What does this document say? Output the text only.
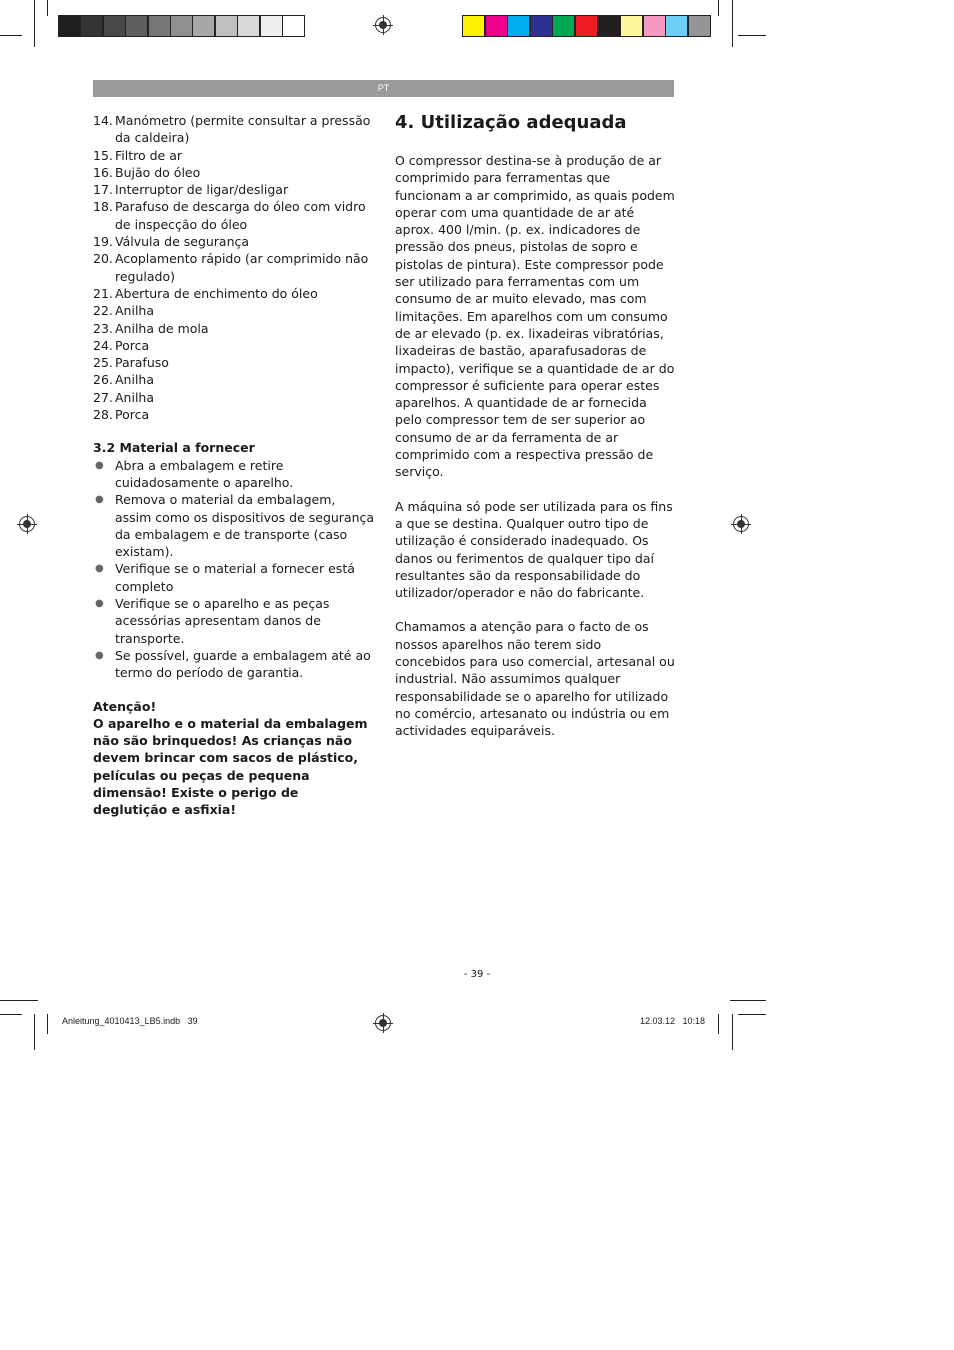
PT
14. Manómetro (permite consultar a pressão da caldeira)
15. Filtro de ar
16. Bujão do óleo
17. Interruptor de ligar/desligar
18. Parafuso de descarga do óleo com vidro de inspecção do óleo
19. Válvula de segurança
20. Acoplamento rápido (ar comprimido não regulado)
21. Abertura de enchimento do óleo
22. Anilha
23. Anilha de mola
24. Porca
25. Parafuso
26. Anilha
27. Anilha
28. Porca
3.2 Material a fornecer
● Abra a embalagem e retire cuidadosamente o aparelho.
● Remova o material da embalagem, assim como os dispositivos de segurança da embalagem e de transporte (caso existam).
● Verifique se o material a fornecer está completo
● Verifique se o aparelho e as peças acessórias apresentam danos de transporte.
● Se possível, guarde a embalagem até ao termo do período de garantia.
Atenção!
O aparelho e o material da embalagem não são brinquedos! As crianças não devem brincar com sacos de plástico, películas ou peças de pequena dimensão! Existe o perigo de deglutição e asfixia!
4. Utilização adequada
O compressor destina-se à produção de ar comprimido para ferramentas que funcionam a ar comprimido, as quais podem operar com uma quantidade de ar até aprox. 400 l/min. (p. ex. indicadores de pressão dos pneus, pistolas de sopro e pistolas de pintura). Este compressor pode ser utilizado para ferramentas com um consumo de ar muito elevado, mas com limitações. Em aparelhos com um consumo de ar elevado (p. ex. lixadeiras vibratórias, lixadeiras de bastão, aparafusadoras de impacto), verifique se a quantidade de ar do compressor é suficiente para operar estes aparelhos. A quantidade de ar fornecida pelo compressor tem de ser superior ao consumo de ar da ferramenta de ar comprimido com a respectiva pressão de serviço.
A máquina só pode ser utilizada para os fins a que se destina. Qualquer outro tipo de utilização é considerado inadequado. Os danos ou ferimentos de qualquer tipo daí resultantes são da responsabilidade do utilizador/operador e não do fabricante.
Chamamos a atenção para o facto de os nossos aparelhos não terem sido concebidos para uso comercial, artesanal ou industrial. Não assumimos qualquer responsabilidade se o aparelho for utilizado no comércio, artesanato ou indústria ou em actividades equiparáveis.
- 39 -
Anleitung_4010413_LB5.indb   39	12.03.12   10:18
